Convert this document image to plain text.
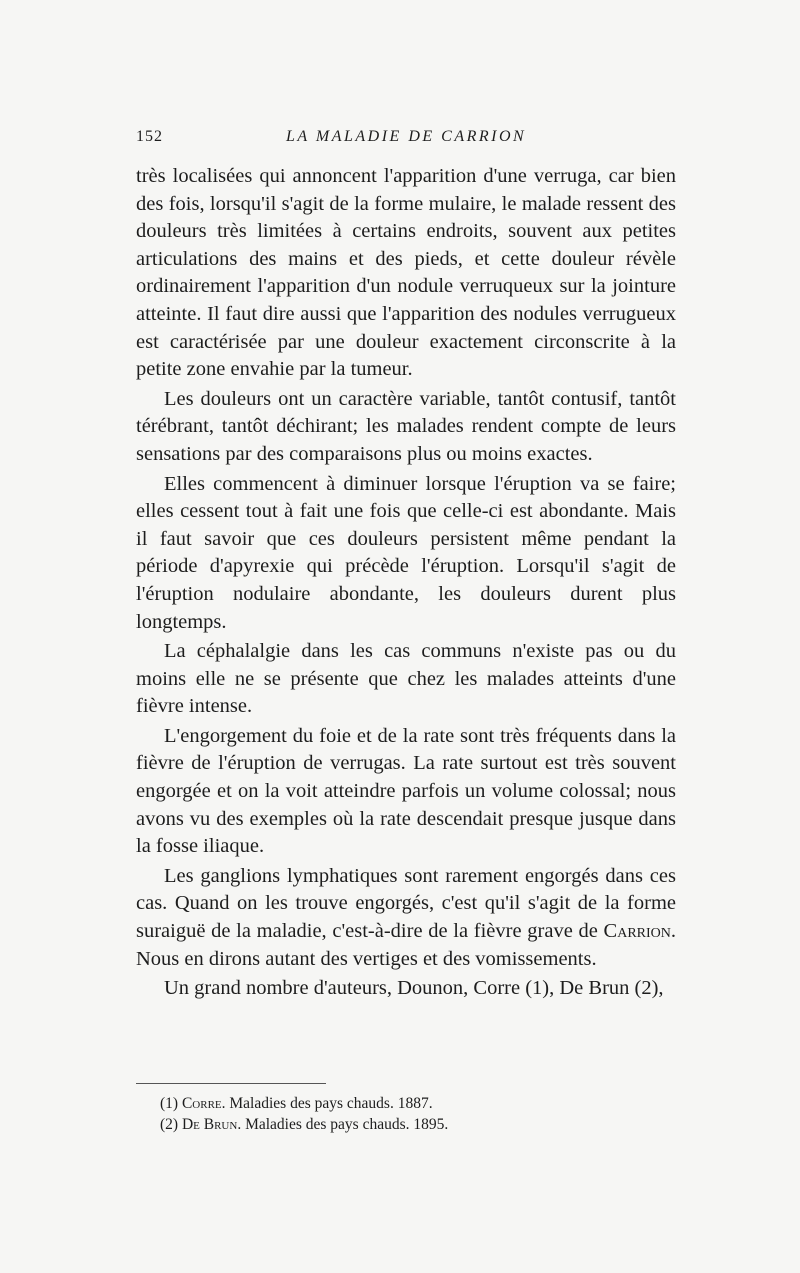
152	LA MALADIE DE CARRION

très localisées qui annoncent l'apparition d'une verruga, car bien des fois, lorsqu'il s'agit de la forme mulaire, le malade ressent des douleurs très limitées à certains endroits, souvent aux petites articulations des mains et des pieds, et cette douleur révèle ordinairement l'apparition d'un nodule verruqueux sur la jointure atteinte. Il faut dire aussi que l'apparition des nodules verrugueux est caractérisée par une douleur exactement circonscrite à la petite zone envahie par la tumeur.

Les douleurs ont un caractère variable, tantôt contusif, tantôt térébrant, tantôt déchirant; les malades rendent compte de leurs sensations par des comparaisons plus ou moins exactes.

Elles commencent à diminuer lorsque l'éruption va se faire; elles cessent tout à fait une fois que celle-ci est abondante. Mais il faut savoir que ces douleurs persistent même pendant la période d'apyrexie qui précède l'éruption. Lorsqu'il s'agit de l'éruption nodulaire abondante, les douleurs durent plus longtemps.

La céphalalgie dans les cas communs n'existe pas ou du moins elle ne se présente que chez les malades atteints d'une fièvre intense.

L'engorgement du foie et de la rate sont très fréquents dans la fièvre de l'éruption de verrugas. La rate surtout est très souvent engorgée et on la voit atteindre parfois un volume colossal; nous avons vu des exemples où la rate descendait presque jusque dans la fosse iliaque.

Les ganglions lymphatiques sont rarement engorgés dans ces cas. Quand on les trouve engorgés, c'est qu'il s'agit de la forme suraiguë de la maladie, c'est-à-dire de la fièvre grave de Carrion. Nous en dirons autant des vertiges et des vomissements.

Un grand nombre d'auteurs, Dounon, Corre (1), De Brun (2),

(1) Corre. Maladies des pays chauds. 1887.

(2) De Brun. Maladies des pays chauds. 1895.
